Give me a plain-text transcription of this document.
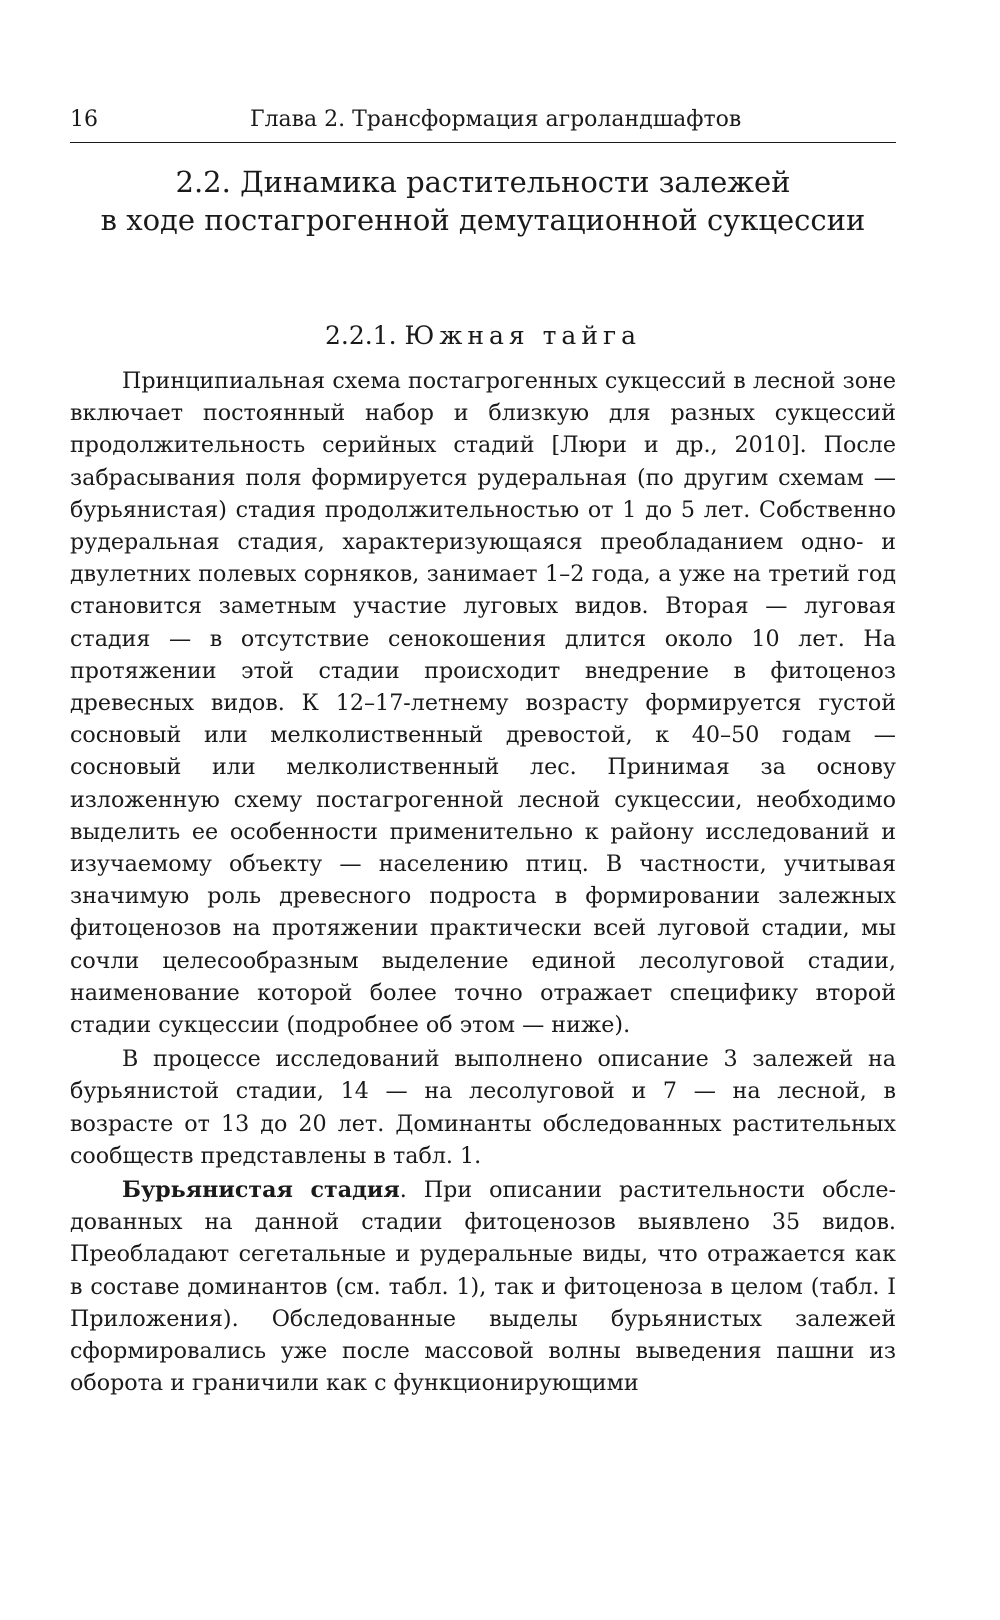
16	Глава 2. Трансформация агроландшафтов
2.2. Динамика растительности залежей
в ходе постагрогенной демутационной сукцессии
2.2.1. Южная тайга

Принципиальная схема постагрогенных сукцессий в лесной зоне включает постоянный набор и близкую для разных сукцессий продолжительность серийных стадий [Люри и др., 2010]. После забрасывания поля формируется рудеральная (по другим схемам — бурьянистая) стадия продолжительностью от 1 до 5 лет. Собственно рудеральная стадия, характеризующаяся преобладанием одно- и двулетних полевых сорняков, занимает 1–2 года, а уже на третий год становится заметным участие луговых видов. Вторая — луговая стадия — в отсутствие сенокошения длится около 10 лет. На протяжении этой стадии происходит внедрение в фитоценоз древесных видов. К 12–17-летнему возрасту формируется густой сосновый или мелколиственный древостой, к 40–50 годам — сосновый или мелколиственный лес. Принимая за основу изложенную схему постагрогенной лесной сукцессии, необходимо выделить ее особенности применительно к району исследований и изучаемому объекту — населению птиц. В частности, учитывая значимую роль древесного подроста в формировании залежных фитоценозов на протяжении практически всей луговой стадии, мы сочли целесообразным выделение единой лесолуговой стадии, наименование которой более точно отражает специфику второй стадии сукцессии (подробнее об этом — ниже).

В процессе исследований выполнено описание 3 залежей на бурьянистой стадии, 14 — на лесолуговой и 7 — на лесной, в возрасте от 13 до 20 лет. Доминанты обследованных растительных сообществ представлены в табл. 1.

Бурьянистая стадия. При описании растительности обследованных на данной стадии фитоценозов выявлено 35 видов. Преобладают сегетальные и рудеральные виды, что отражается как в составе доминантов (см. табл. 1), так и фитоценоза в целом (табл. I Приложения). Обследованные выделы бурьянистых залежей сформировались уже после массовой волны выведения пашни из оборота и граничили как с функционирующими
